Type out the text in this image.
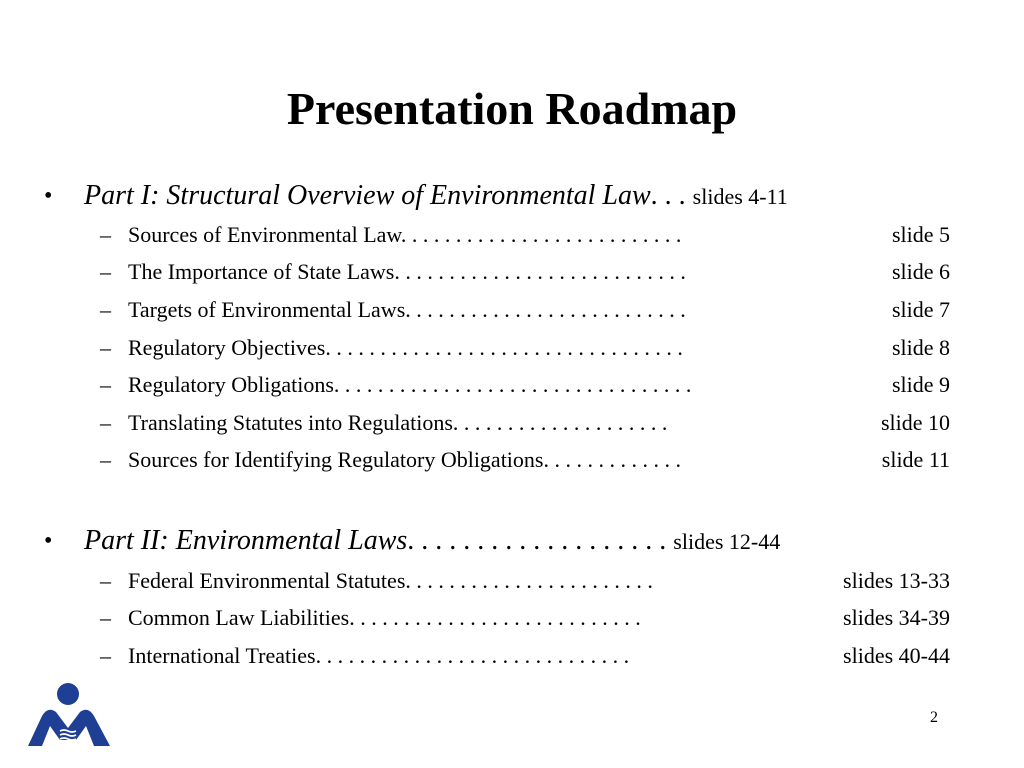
Presentation Roadmap
• Part I: Structural Overview of Environmental Law. . . slides 4-11
– Sources of Environmental Law. . . . . . . . . . . . . . . . . . . . . . . . . .	slide 5
– The Importance of State Laws. . . . . . . . . . . . . . . . . . . . . . . . . . .	slide 6
– Targets of Environmental Laws. . . . . . . . . . . . . . . . . . . . . . . . . .	slide 7
– Regulatory Objectives. . . . . . . . . . . . . . . . . . . . . . . . . . . . . . . . .	slide 8
– Regulatory Obligations. . . . . . . . . . . . . . . . . . . . . . . . . . . . . . . . .	slide 9
– Translating Statutes into Regulations. . . . . . . . . . . . . . . . . . . .	slide 10
– Sources for Identifying Regulatory Obligations. . . . . . . . . . . . .	slide 11
• Part II: Environmental Laws. . . . . . . . . . . . . . . . . . . slides 12-44
– Federal Environmental Statutes. . . . . . . . . . . . . . . . . . . . . . .	slides 13-33
– Common Law Liabilities. . . . . . . . . . . . . . . . . . . . . . . . . . .	slides 34-39
– International Treaties. . . . . . . . . . . . . . . . . . . . . . . . . . . . .	slides 40-44
2
